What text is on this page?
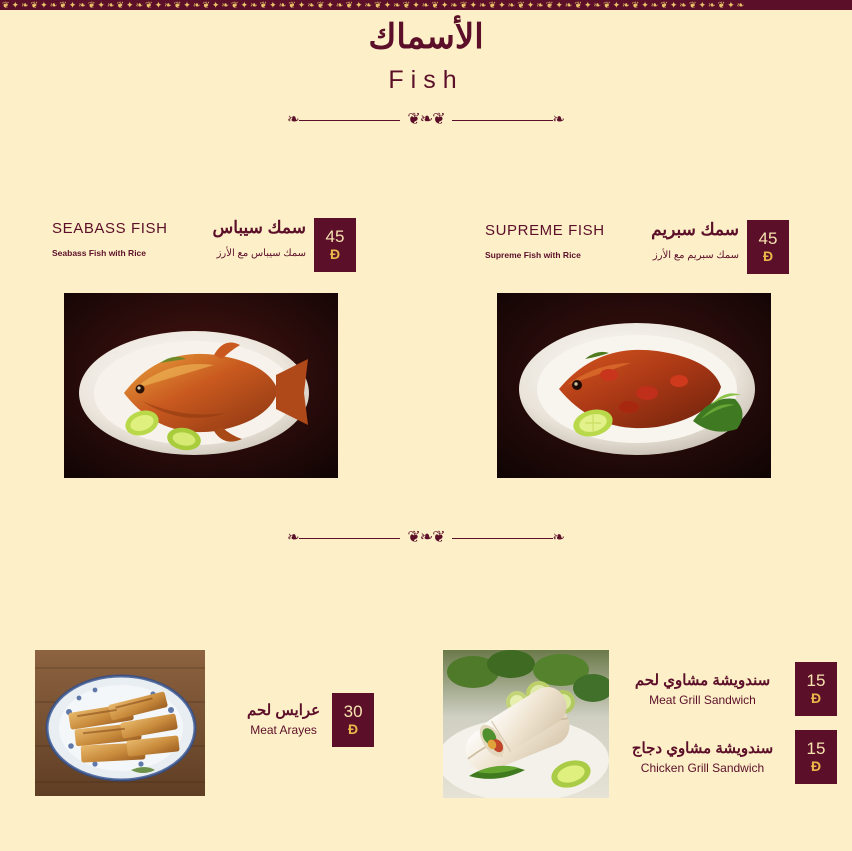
❦✦❧❦✦❧❦✦❧❦✦❧❦✦❧❦✦❧❦✦❧❦✦❧❦✦❧❦✦❧❦✦❧❦✦❧❦✦❧❦✦❧❦✦❧❦✦❧❦✦❧❦✦❧❦✦❧❦✦❧❦✦❧❦✦❧❦✦❧❦✦❧❦✦❧❦✦❧
الأسماك
Fish
❧	❦❧❦	❧
SEABASS FISH	سمك سيباس
Seabass Fish with Rice	سمك سيباس مع الأرز
45
Ð
SUPREME FISH	سمك سبريم
Supreme Fish with Rice	سمك سبريم مع الأرز
45
Ð
❧	❦❧❦	❧
عرايس لحم
Meat Arayes
30
Ð
سندويشة مشاوي لحم
Meat Grill Sandwich
15
Ð
سندويشة مشاوي دجاج
Chicken Grill Sandwich
15
Ð
